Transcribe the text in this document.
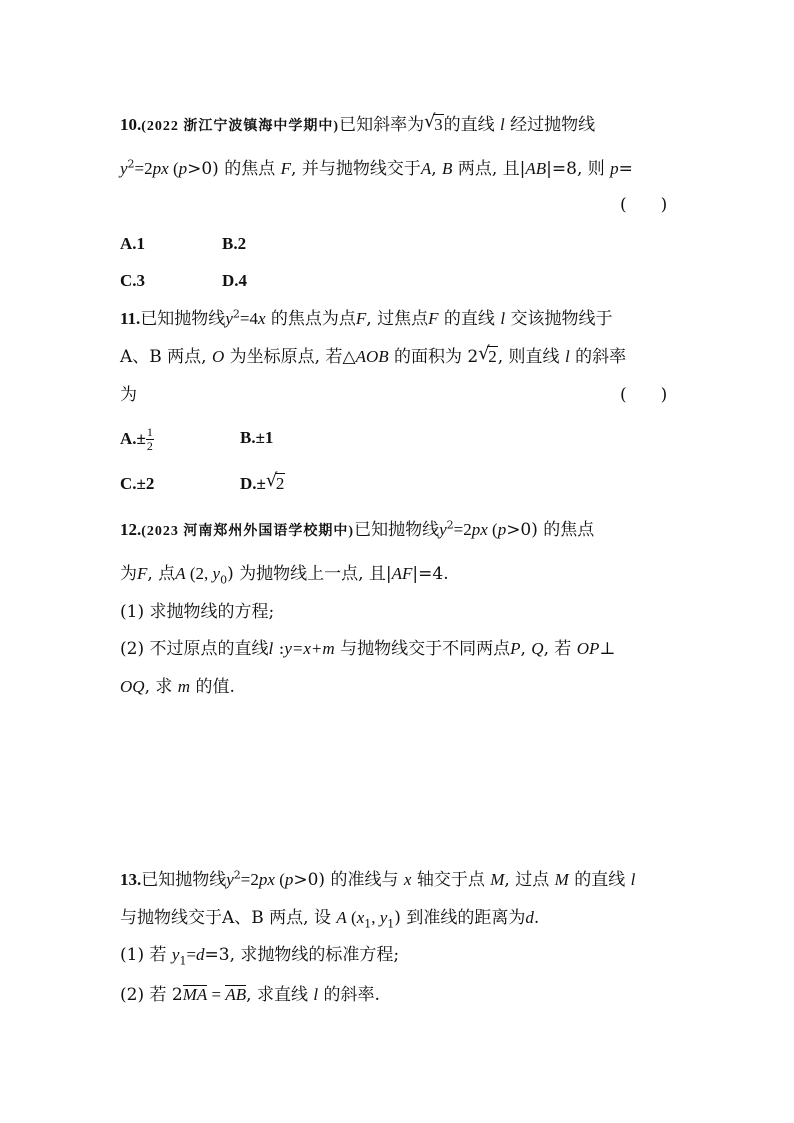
10.(2022 浙江宁波镇海中学期中)已知斜率为 √
3的直线 l 经过抛物线
$y^2=2px$ (p>0) 的焦点 F, 并与抛物线交于A, B 两点, 且|AB|=8, 则 p=
(　　)
A.1	B.2
C.3	D.4
11.已知抛物线$y^2=4x$ 的焦点为点F, 过焦点F 的直线 l 交该抛物线于
A、B 两点, O 为坐标原点, 若△AOB 的面积为 2 √
2, 则直线 l 的斜率
为	(　　)
$A.\pm \frac{1}{2}$	B.±1
C.±2	D.± √
2
12.(2023 河南郑州外国语学校期中)已知抛物线$y^2=2px$ (p>0) 的焦点
为F, 点A (2, $y_0$) 为抛物线上一点, 且|AF|=4.
(1) 求抛物线的方程;
(2) 不过原点的直线l :y=x+m 与抛物线交于不同两点P, Q, 若 OP⊥
OQ, 求 m 的值.
13.已知抛物线$y^2=2px$ (p>0) 的准线与 x 轴交于点 M, 过点 M 的直线 l
与抛物线交于A、B 两点, 设 A ($x_1$, $y_1$) 到准线的距离为d.
(1) 若 $y_1=d=3$, 求抛物线的标准方程;
(2) 若 2MA = AB, 求直线 l 的斜率.
